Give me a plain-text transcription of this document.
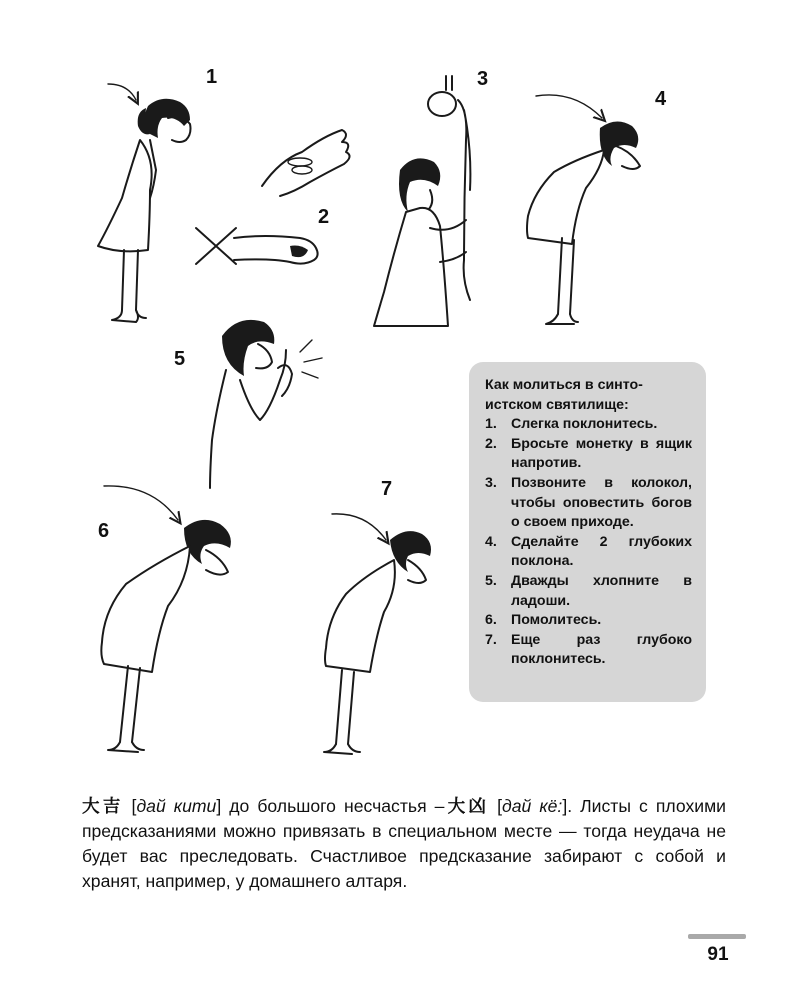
1
2
3
4
5
6
7

Как молиться в синто-истском святилище:

1. Слегка поклонитесь.
2. Бросьте монетку в ящик напротив.
3. Позвоните в колокол, чтобы оповестить богов о своем приходе.
4. Сделайте 2 глубоких поклона.
5. Дважды хлопните в ладоши.
6. Помолитесь.
7. Еще раз глубоко поклонитесь.

大吉 [дай кити] до большого несчастья –大凶 [дай кё:]. Листы с плохими предсказаниями можно привязать в специальном месте — тогда неудача не будет вас преследовать. Счастливое предсказание забирают с собой и хранят, например, у домашнего алтаря.

91
